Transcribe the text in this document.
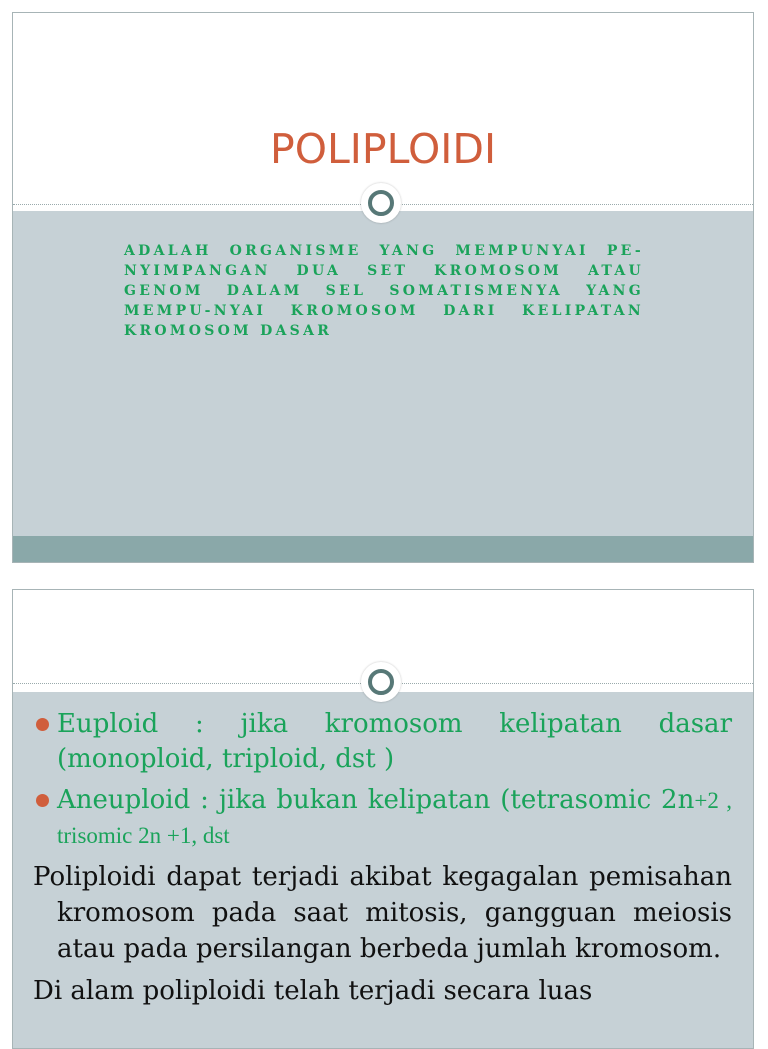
POLIPLOIDI

ADALAH ORGANISME YANG MEMPUNYAI PE-NYIMPANGAN DUA SET KROMOSOM ATAU GENOM DALAM SEL SOMATISMENYA YANG MEMPU-NYAI KROMOSOM DARI KELIPATAN KROMOSOM DASAR

Euploid : jika kromosom kelipatan dasar (monoploid, triploid, dst )
Aneuploid : jika bukan kelipatan (tetrasomic 2n+2 , trisomic 2n +1, dst
Poliploidi dapat terjadi akibat kegagalan pemisahan kromosom pada saat mitosis, gangguan meiosis atau pada persilangan berbeda jumlah kromosom.
Di alam poliploidi telah terjadi secara luas
